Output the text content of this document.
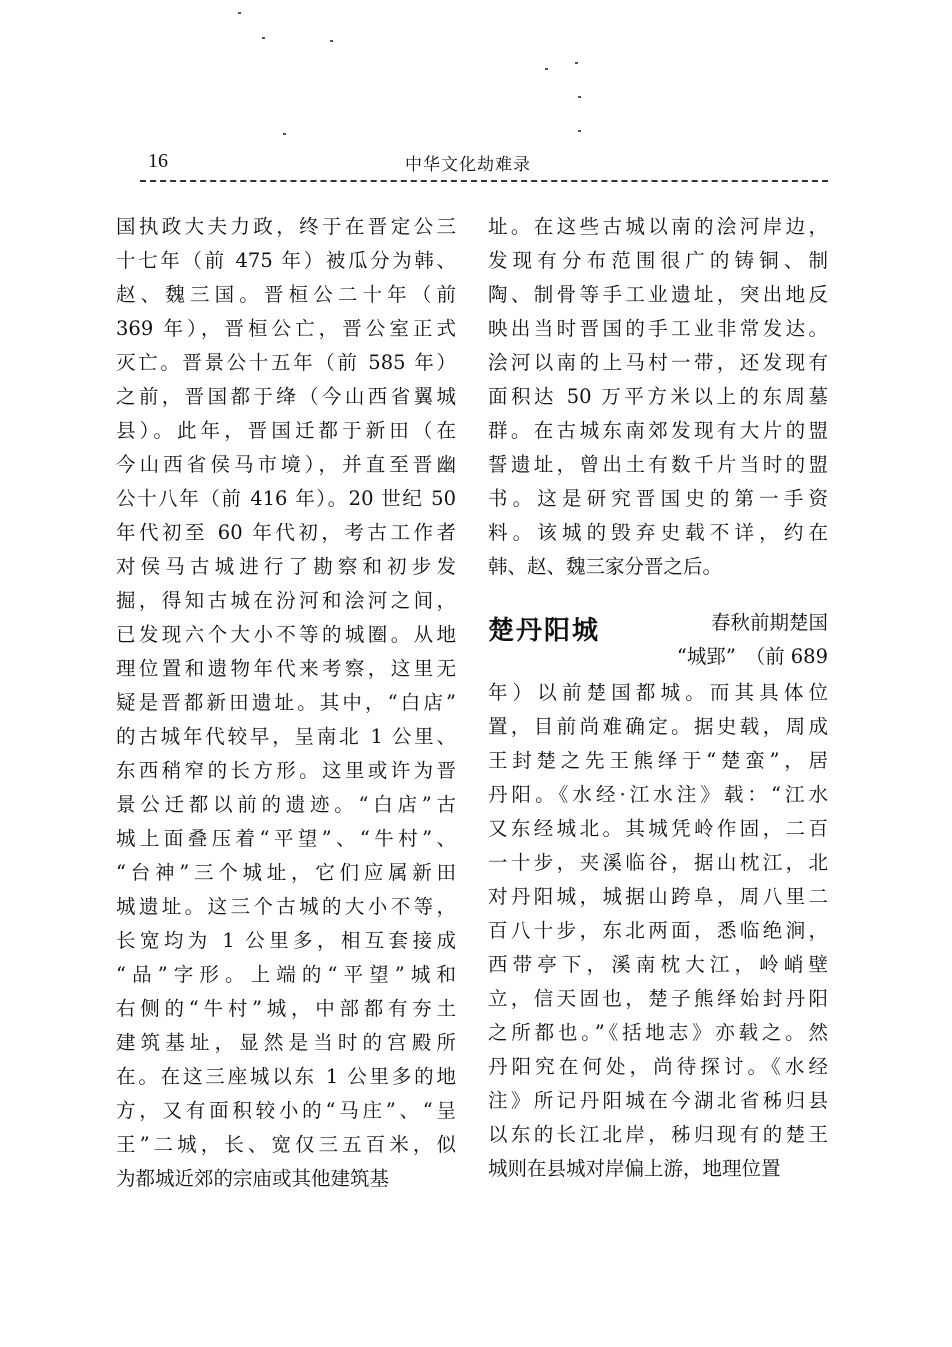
16	中华文化劫难录
国执政大夫力政，终于在晋定公三
十七年（前 475 年）被瓜分为韩、
赵、魏三国。晋桓公二十年（前
369 年），晋桓公亡，晋公室正式
灭亡。晋景公十五年（前 585 年）
之前，晋国都于绛（今山西省翼城
县）。此年，晋国迁都于新田（在
今山西省侯马市境），并直至晋幽
公十八年（前 416 年）。20 世纪 50
年代初至 60 年代初，考古工作者
对侯马古城进行了勘察和初步发
掘，得知古城在汾河和浍河之间，
已发现六个大小不等的城圈。从地
理位置和遗物年代来考察，这里无
疑是晋都新田遗址。其中，“白店”
的古城年代较早，呈南北 1 公里、
东西稍窄的长方形。这里或许为晋
景公迁都以前的遗迹。“白店”古
城上面叠压着“平望”、“牛村”、
“台神”三个城址，它们应属新田
城遗址。这三个古城的大小不等，
长宽均为 1 公里多，相互套接成
“品”字形。上端的“平望”城和
右侧的“牛村”城，中部都有夯土
建筑基址，显然是当时的宫殿所
在。在这三座城以东 1 公里多的地
方，又有面积较小的“马庄”、“呈
王”二城，长、宽仅三五百米，似
为都城近郊的宗庙或其他建筑基
址。在这些古城以南的浍河岸边，
发现有分布范围很广的铸铜、制
陶、制骨等手工业遗址，突出地反
映出当时晋国的手工业非常发达。
浍河以南的上马村一带，还发现有
面积达 50 万平方米以上的东周墓
群。在古城东南郊发现有大片的盟
誓遗址，曾出土有数千片当时的盟
书。这是研究晋国史的第一手资
料。该城的毁弃史载不详，约在
韩、赵、魏三家分晋之后。
楚丹阳城	春秋前期楚国
“城郢”　（前 689
年）以前楚国都城。而其具体位
置，目前尚难确定。据史载，周成
王封楚之先王熊绎于“楚蛮”，居
丹阳。《水经·江水注》载：“江水
又东经城北。其城凭岭作固，二百
一十步，夹溪临谷，据山枕江，北
对丹阳城，城据山跨阜，周八里二
百八十步，东北两面，悉临绝涧，
西带亭下，溪南枕大江，岭峭壁
立，信天固也，楚子熊绎始封丹阳
之所都也。”《括地志》亦载之。然
丹阳究在何处，尚待探讨。《水经
注》所记丹阳城在今湖北省秭归县
以东的长江北岸，秭归现有的楚王
城则在县城对岸偏上游，地理位置
